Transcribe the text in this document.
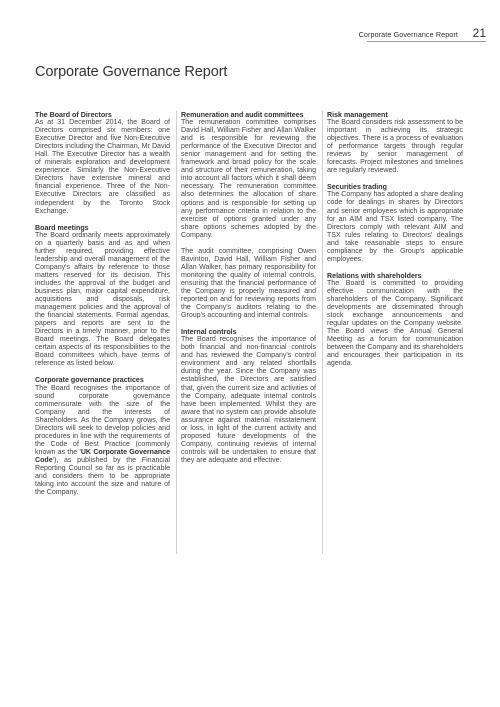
Corporate Governance Report 21
Corporate Governance Report
The Board of Directors

As at 31 December 2014, the Board of Directors comprised six members: one Executive Director and five Non-Executive Directors including the Chairman, Mr David Hall. The Executive Director has a wealth of minerals exploration and development experience. Similarly the Non-Executive Directors have extensive mineral and financial experience. Three of the Non-Executive Directors are classified as independent by the Toronto Stock Exchange.

Board meetings

The Board ordinarily meets approximately on a quarterly basis and as and when further required, providing effective leadership and overall management of the Company's affairs by reference to those matters reserved for its decision. This includes the approval of the budget and business plan, major capital expenditure, acquisitions and disposals, risk management policies and the approval of the financial statements. Formal agendas, papers and reports are sent to the Directors in a timely manner, prior to the Board meetings. The Board delegates certain aspects of its responsibilities to the Board committees which have terms of reference as listed below.

Corporate governance practices

The Board recognises the importance of sound corporate governance commensurate with the size of the Company and the interests of Shareholders. As the Company grows, the Directors will seek to develop policies and procedures in line with the requirements of the Code of Best Practice (commonly known as the 'UK Corporate Governance Code'), as published by the Financial Reporting Council so far as is practicable and considers them to be appropriate taking into account the size and nature of the Company.

Remuneration and audit committees

The remuneration committee comprises David Hall, William Fisher and Allan Walker and is responsible for reviewing the performance of the Executive Director and senior management and for setting the framework and broad policy for the scale and structure of their remuneration, taking into account all factors which it shall deem necessary. The remuneration committee also determines the allocation of share options and is responsible for setting up any performance criteria in relation to the exercise of options granted under any share options schemes adopted by the Company.

The audit committee, comprising Owen Bavinton, David Hall, William Fisher and Allan Walker, has primary responsibility for monitoring the quality of internal controls, ensuring that the financial performance of the Company is properly measured and reported on and for reviewing reports from the Company's auditors relating to the Group's accounting and internal controls.

Internal controls

The Board recognises the importance of both financial and non-financial controls and has reviewed the Company's control environment and any related shortfalls during the year. Since the Company was established, the Directors are satisfied that, given the current size and activities of the Company, adequate internal controls have been implemented. Whilst they are aware that no system can provide absolute assurance against material misstatement or loss, in light of the current activity and proposed future developments of the Company, continuing reviews of internal controls will be undertaken to ensure that they are adequate and effective.

Risk management

The Board considers risk assessment to be important in achieving its strategic objectives. There is a process of evaluation of performance targets through regular reviews by senior management of forecasts. Project milestones and timelines are regularly reviewed.

Securities trading

The Company has adopted a share dealing code for dealings in shares by Directors and senior employees which is appropriate for an AIM and TSX listed company. The Directors comply with relevant AIM and TSX rules relating to Directors' dealings and take reasonable steps to ensure compliance by the Group's applicable employees.

Relations with shareholders

The Board is committed to providing effective communication with the shareholders of the Company. Significant developments are disseminated through stock exchange announcements and regular updates on the Company website. The Board views the Annual General Meeting as a forum for communication between the Company and its shareholders and encourages their participation in its agenda.
